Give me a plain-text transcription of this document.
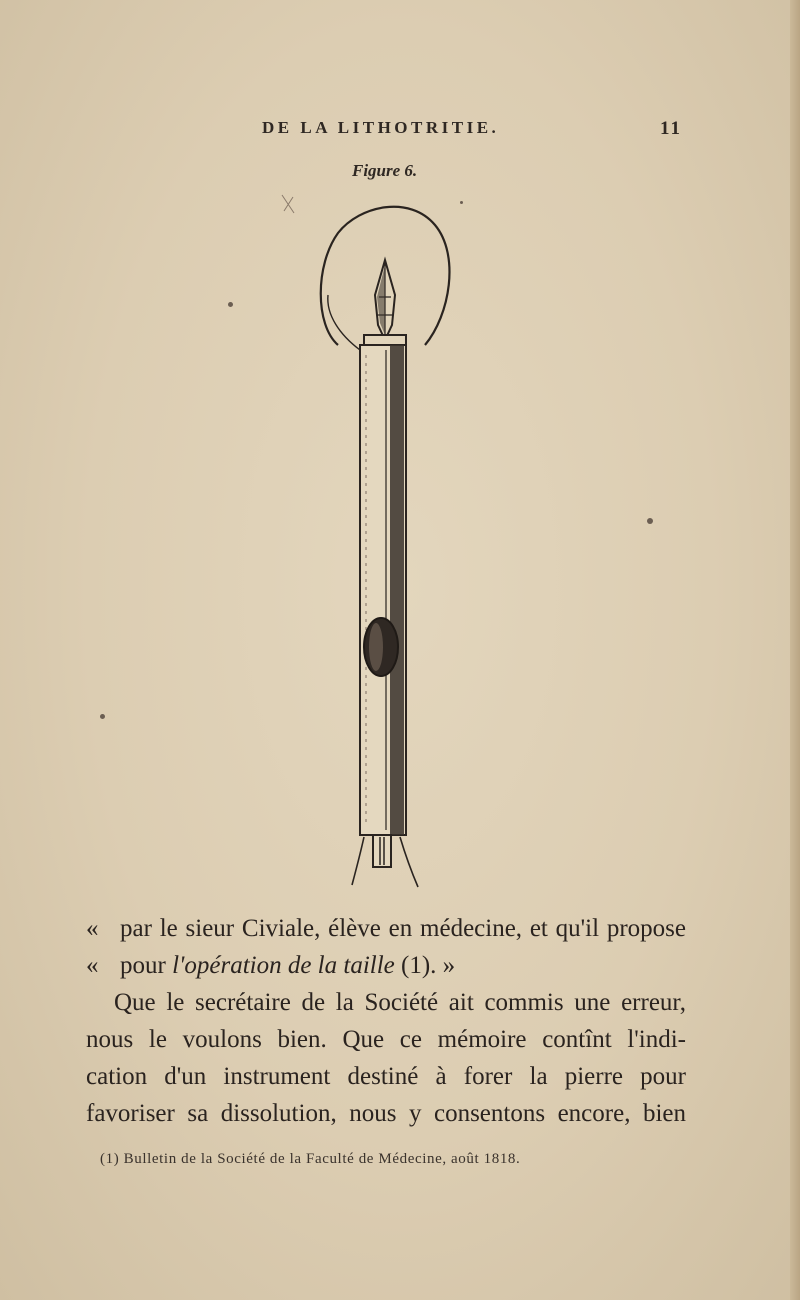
DE LA LITHOTRITIE.	11
Figure 6.
« par le sieur Civiale, élève en médecine, et qu'il propose
« pour l'opération de la taille (1). »
Que le secrétaire de la Société ait commis une erreur,
nous le voulons bien. Que ce mémoire contînt l'indi-
cation d'un instrument destiné à forer la pierre pour
favoriser sa dissolution, nous y consentons encore, bien
(1) Bulletin de la Société de la Faculté de Médecine, août 1818.
